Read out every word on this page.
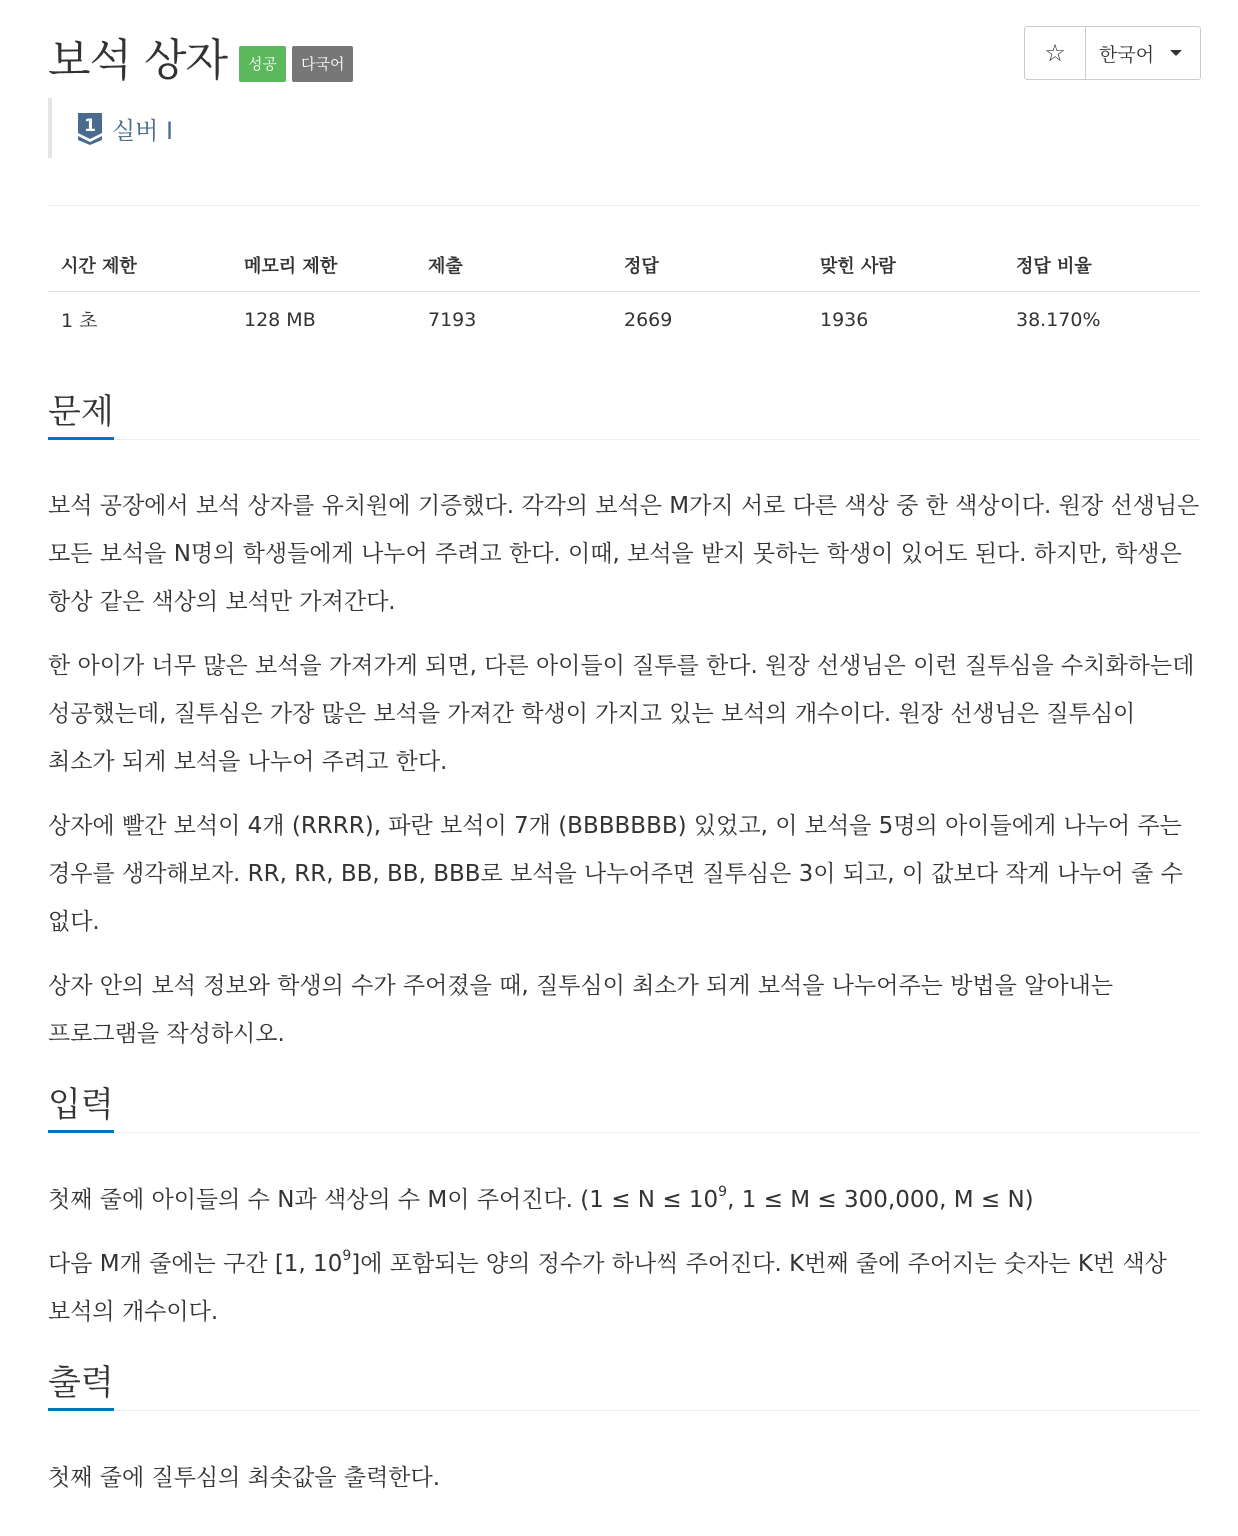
보석 상자	성공	다국어	☆	한국어
1 실버 I
시간 제한	메모리 제한	제출	정답	맞힌 사람	정답 비율
1 초	128 MB	7193	2669	1936	38.170%
문제

보석 공장에서 보석 상자를 유치원에 기증했다. 각각의 보석은 M가지 서로 다른 색상 중 한 색상이다. 원장 선생님은 모든 보석을 N명의 학생들에게 나누어 주려고 한다. 이때, 보석을 받지 못하는 학생이 있어도 된다. 하지만, 학생은 항상 같은 색상의 보석만 가져간다.

한 아이가 너무 많은 보석을 가져가게 되면, 다른 아이들이 질투를 한다. 원장 선생님은 이런 질투심을 수치화하는데 성공했는데, 질투심은 가장 많은 보석을 가져간 학생이 가지고 있는 보석의 개수이다. 원장 선생님은 질투심이 최소가 되게 보석을 나누어 주려고 한다.

상자에 빨간 보석이 4개 (RRRR), 파란 보석이 7개 (BBBBBBB) 있었고, 이 보석을 5명의 아이들에게 나누어 주는 경우를 생각해보자. RR, RR, BB, BB, BBB로 보석을 나누어주면 질투심은 3이 되고, 이 값보다 작게 나누어 줄 수 없다.

상자 안의 보석 정보와 학생의 수가 주어졌을 때, 질투심이 최소가 되게 보석을 나누어주는 방법을 알아내는 프로그램을 작성하시오.

입력

첫째 줄에 아이들의 수 N과 색상의 수 M이 주어진다. ($1 \le N \le 10^9$, 1 ≤ M ≤ 300,000, M ≤ N)

다음 M개 줄에는 구간 [1, $10^9$]에 포함되는 양의 정수가 하나씩 주어진다. K번째 줄에 주어지는 숫자는 K번 색상 보석의 개수이다.

출력

첫째 줄에 질투심의 최솟값을 출력한다.
